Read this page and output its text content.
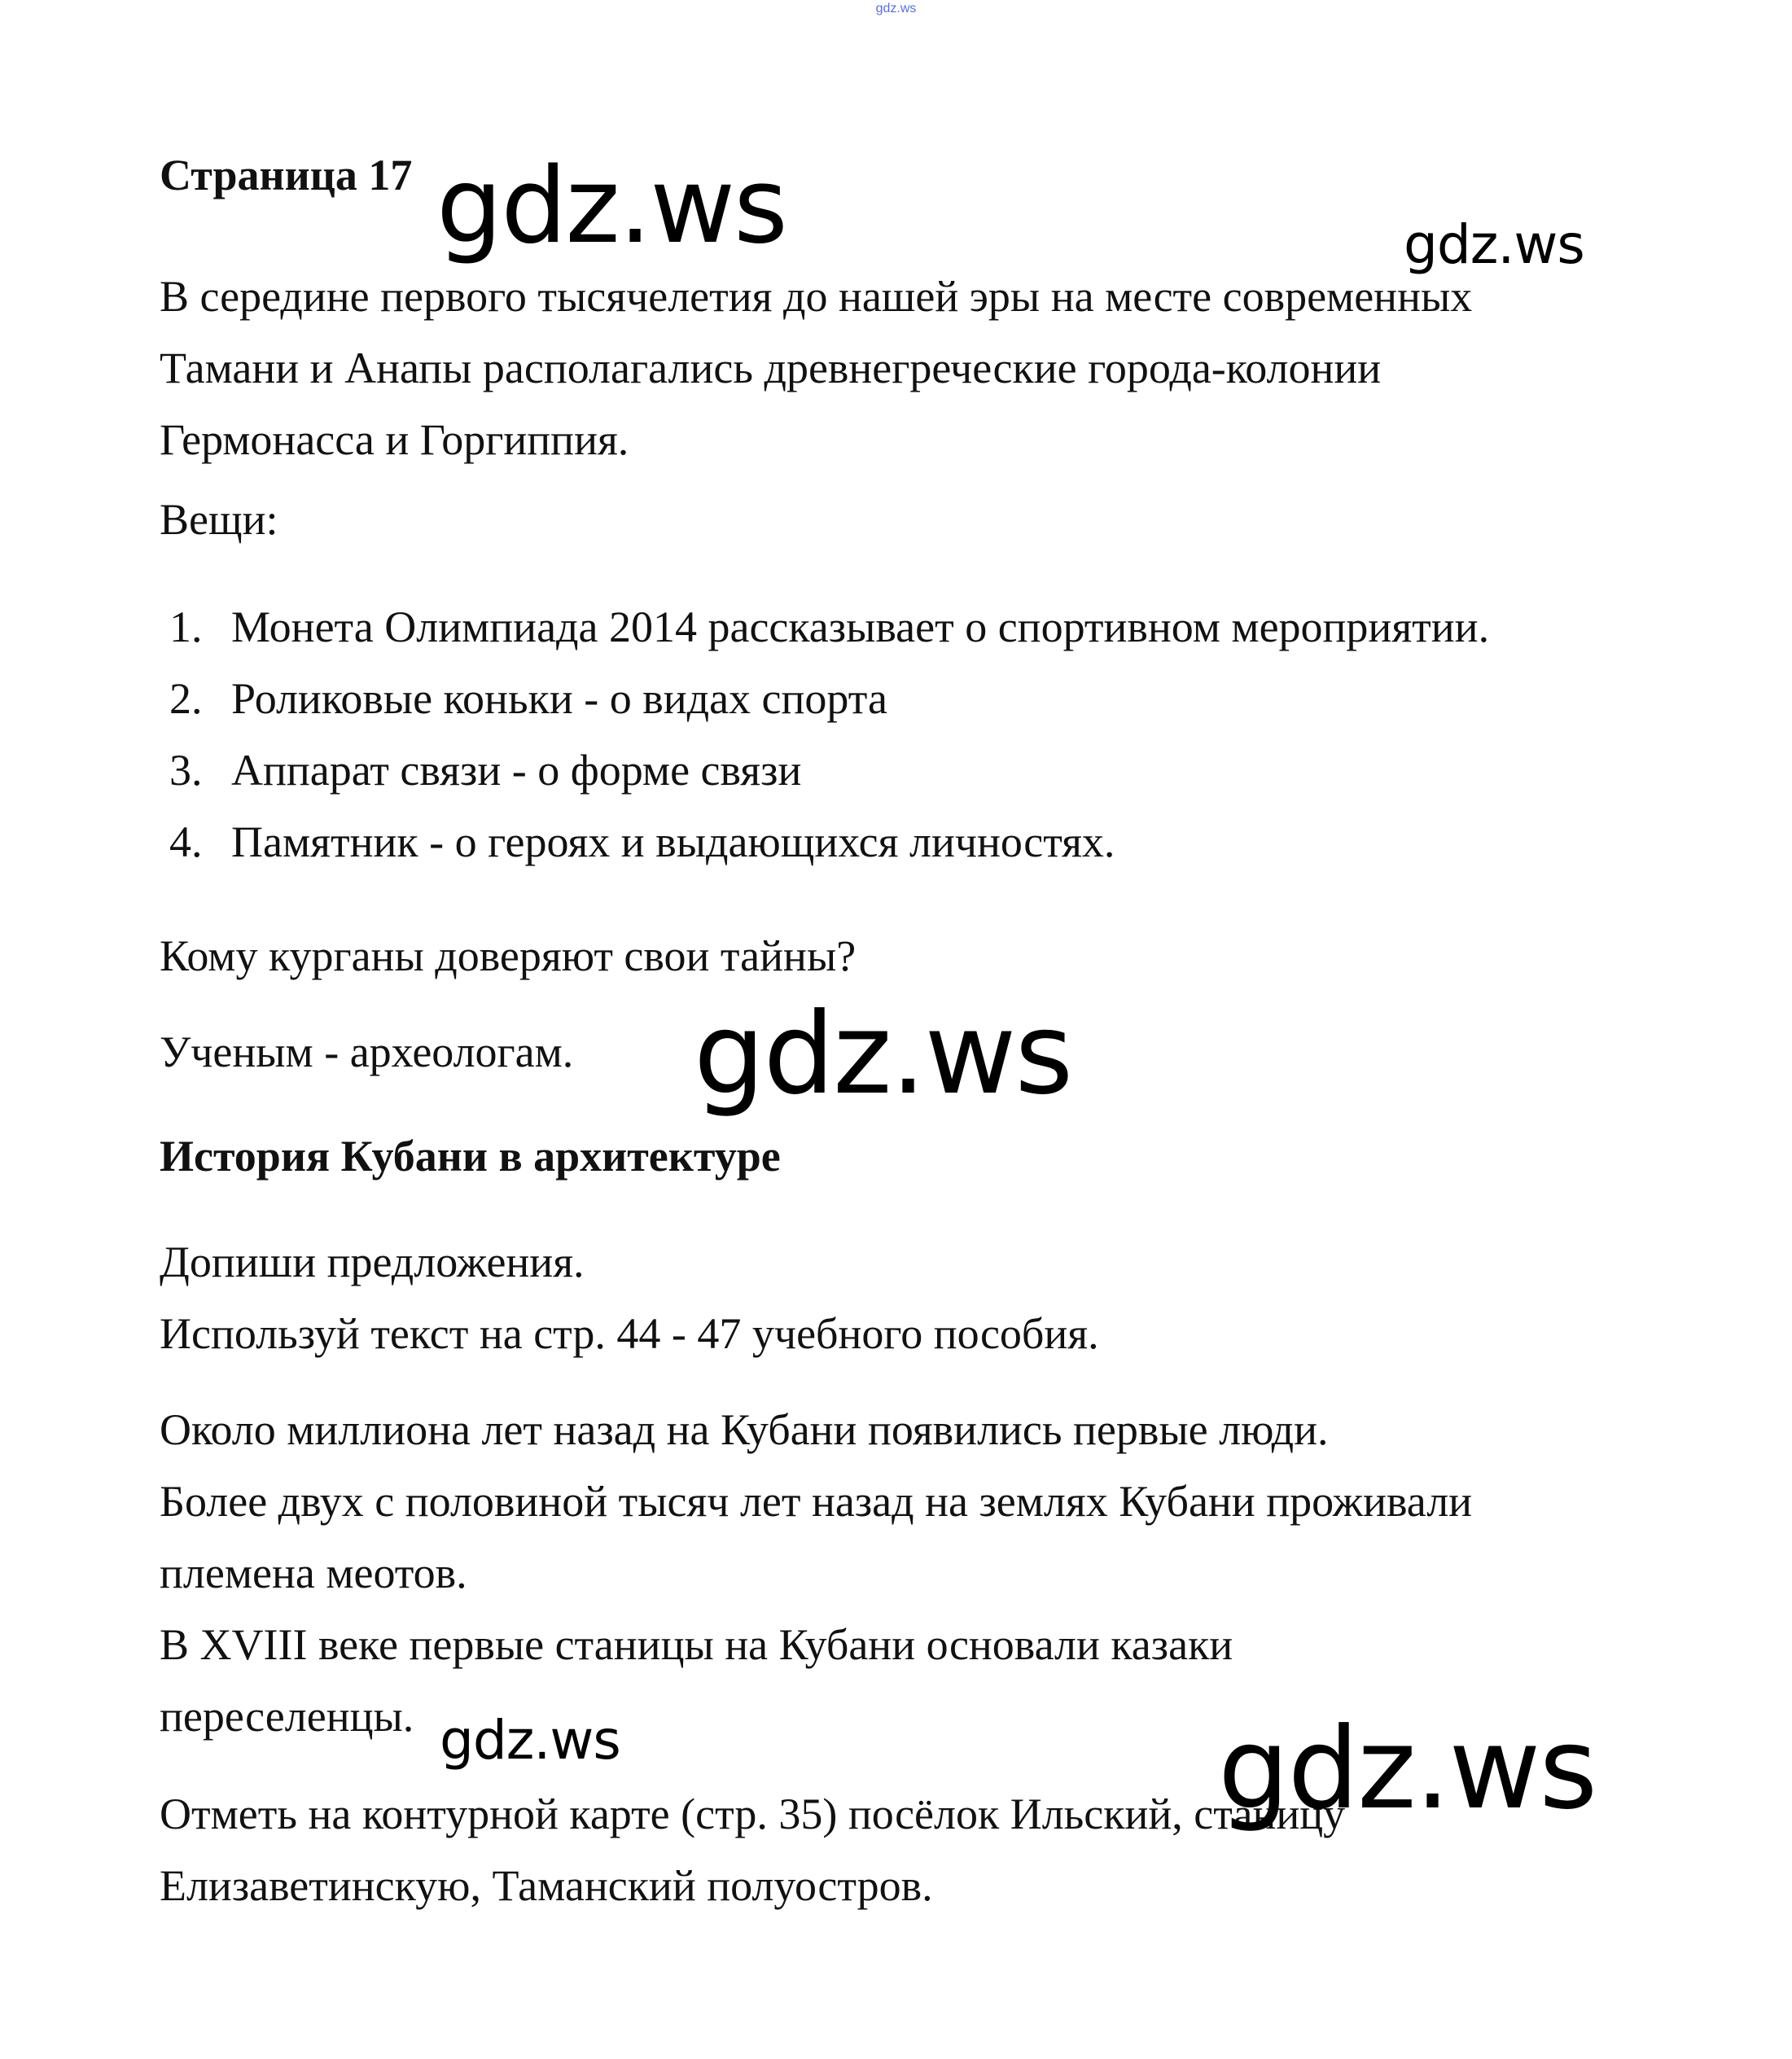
gdz.ws
Страница 17

В середине первого тысячелетия до нашей эры на месте современных

Тамани и Анапы располагались древнегреческие города-колонии

Гермонасса и Горгиппия.

Вещи:

1. Монета Олимпиада 2014 рассказывает о спортивном мероприятии.
2. Роликовые коньки - о видах спорта
3. Аппарат связи - о форме связи
4. Памятник - о героях и выдающихся личностях.

Кому курганы доверяют свои тайны?

Ученым - археологам.

История Кубани в архитектуре

Допиши предложения.

Используй текст на стр. 44 - 47 учебного пособия.

Около миллиона лет назад на Кубани появились первые люди.

Более двух с половиной тысяч лет назад на землях Кубани проживали

племена меотов.

В XVIII веке первые станицы на Кубани основали казаки

переселенцы.

Отметь на контурной карте (стр. 35) посёлок Ильский, станицу

Елизаветинскую, Таманский полуостров.

gdz.ws	gdz.ws
gdz.ws
gdz.ws	gdz.ws
